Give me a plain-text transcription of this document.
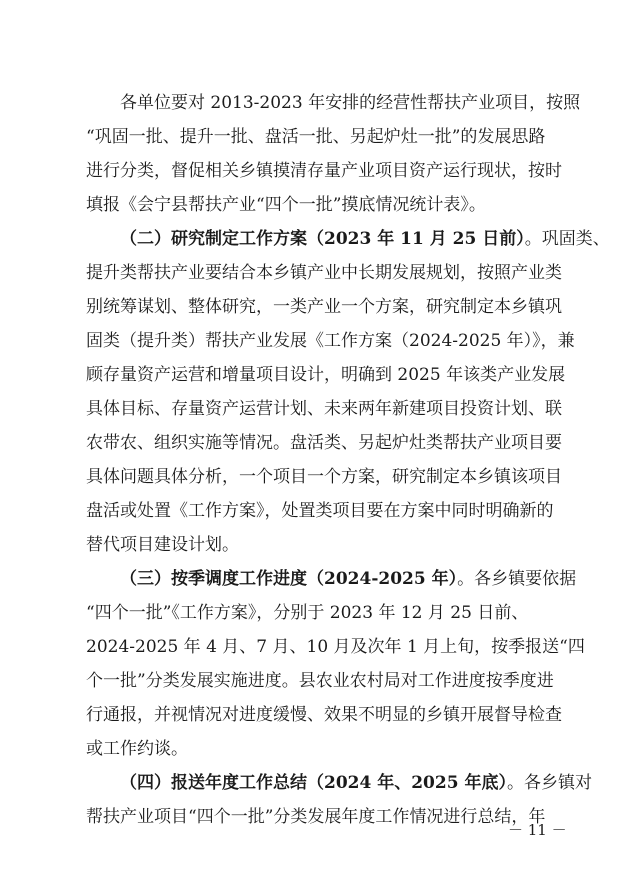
各单位要对 2013-2023 年安排的经营性帮扶产业项目，按照
“巩固一批、提升一批、盘活一批、另起炉灶一批”的发展思路
进行分类，督促相关乡镇摸清存量产业项目资产运行现状，按时
填报《会宁县帮扶产业“四个一批”摸底情况统计表》。
（二）研究制定工作方案（2023 年 11 月 25 日前）。巩固类、
提升类帮扶产业要结合本乡镇产业中长期发展规划，按照产业类
别统筹谋划、整体研究，一类产业一个方案，研究制定本乡镇巩
固类（提升类）帮扶产业发展《工作方案（2024-2025 年）》，兼
顾存量资产运营和增量项目设计，明确到 2025 年该类产业发展
具体目标、存量资产运营计划、未来两年新建项目投资计划、联
农带农、组织实施等情况。盘活类、另起炉灶类帮扶产业项目要
具体问题具体分析，一个项目一个方案，研究制定本乡镇该项目
盘活或处置《工作方案》，处置类项目要在方案中同时明确新的
替代项目建设计划。
（三）按季调度工作进度（2024-2025 年）。各乡镇要依据
“四个一批”《工作方案》，分别于 2023 年 12 月 25 日前、
2024-2025 年 4 月、7 月、10 月及次年 1 月上旬，按季报送“四
个一批”分类发展实施进度。县农业农村局对工作进度按季度进
行通报，并视情况对进度缓慢、效果不明显的乡镇开展督导检查
或工作约谈。
（四）报送年度工作总结（2024 年、2025 年底）。各乡镇对
帮扶产业项目“四个一批”分类发展年度工作情况进行总结，年
－ 11 －
